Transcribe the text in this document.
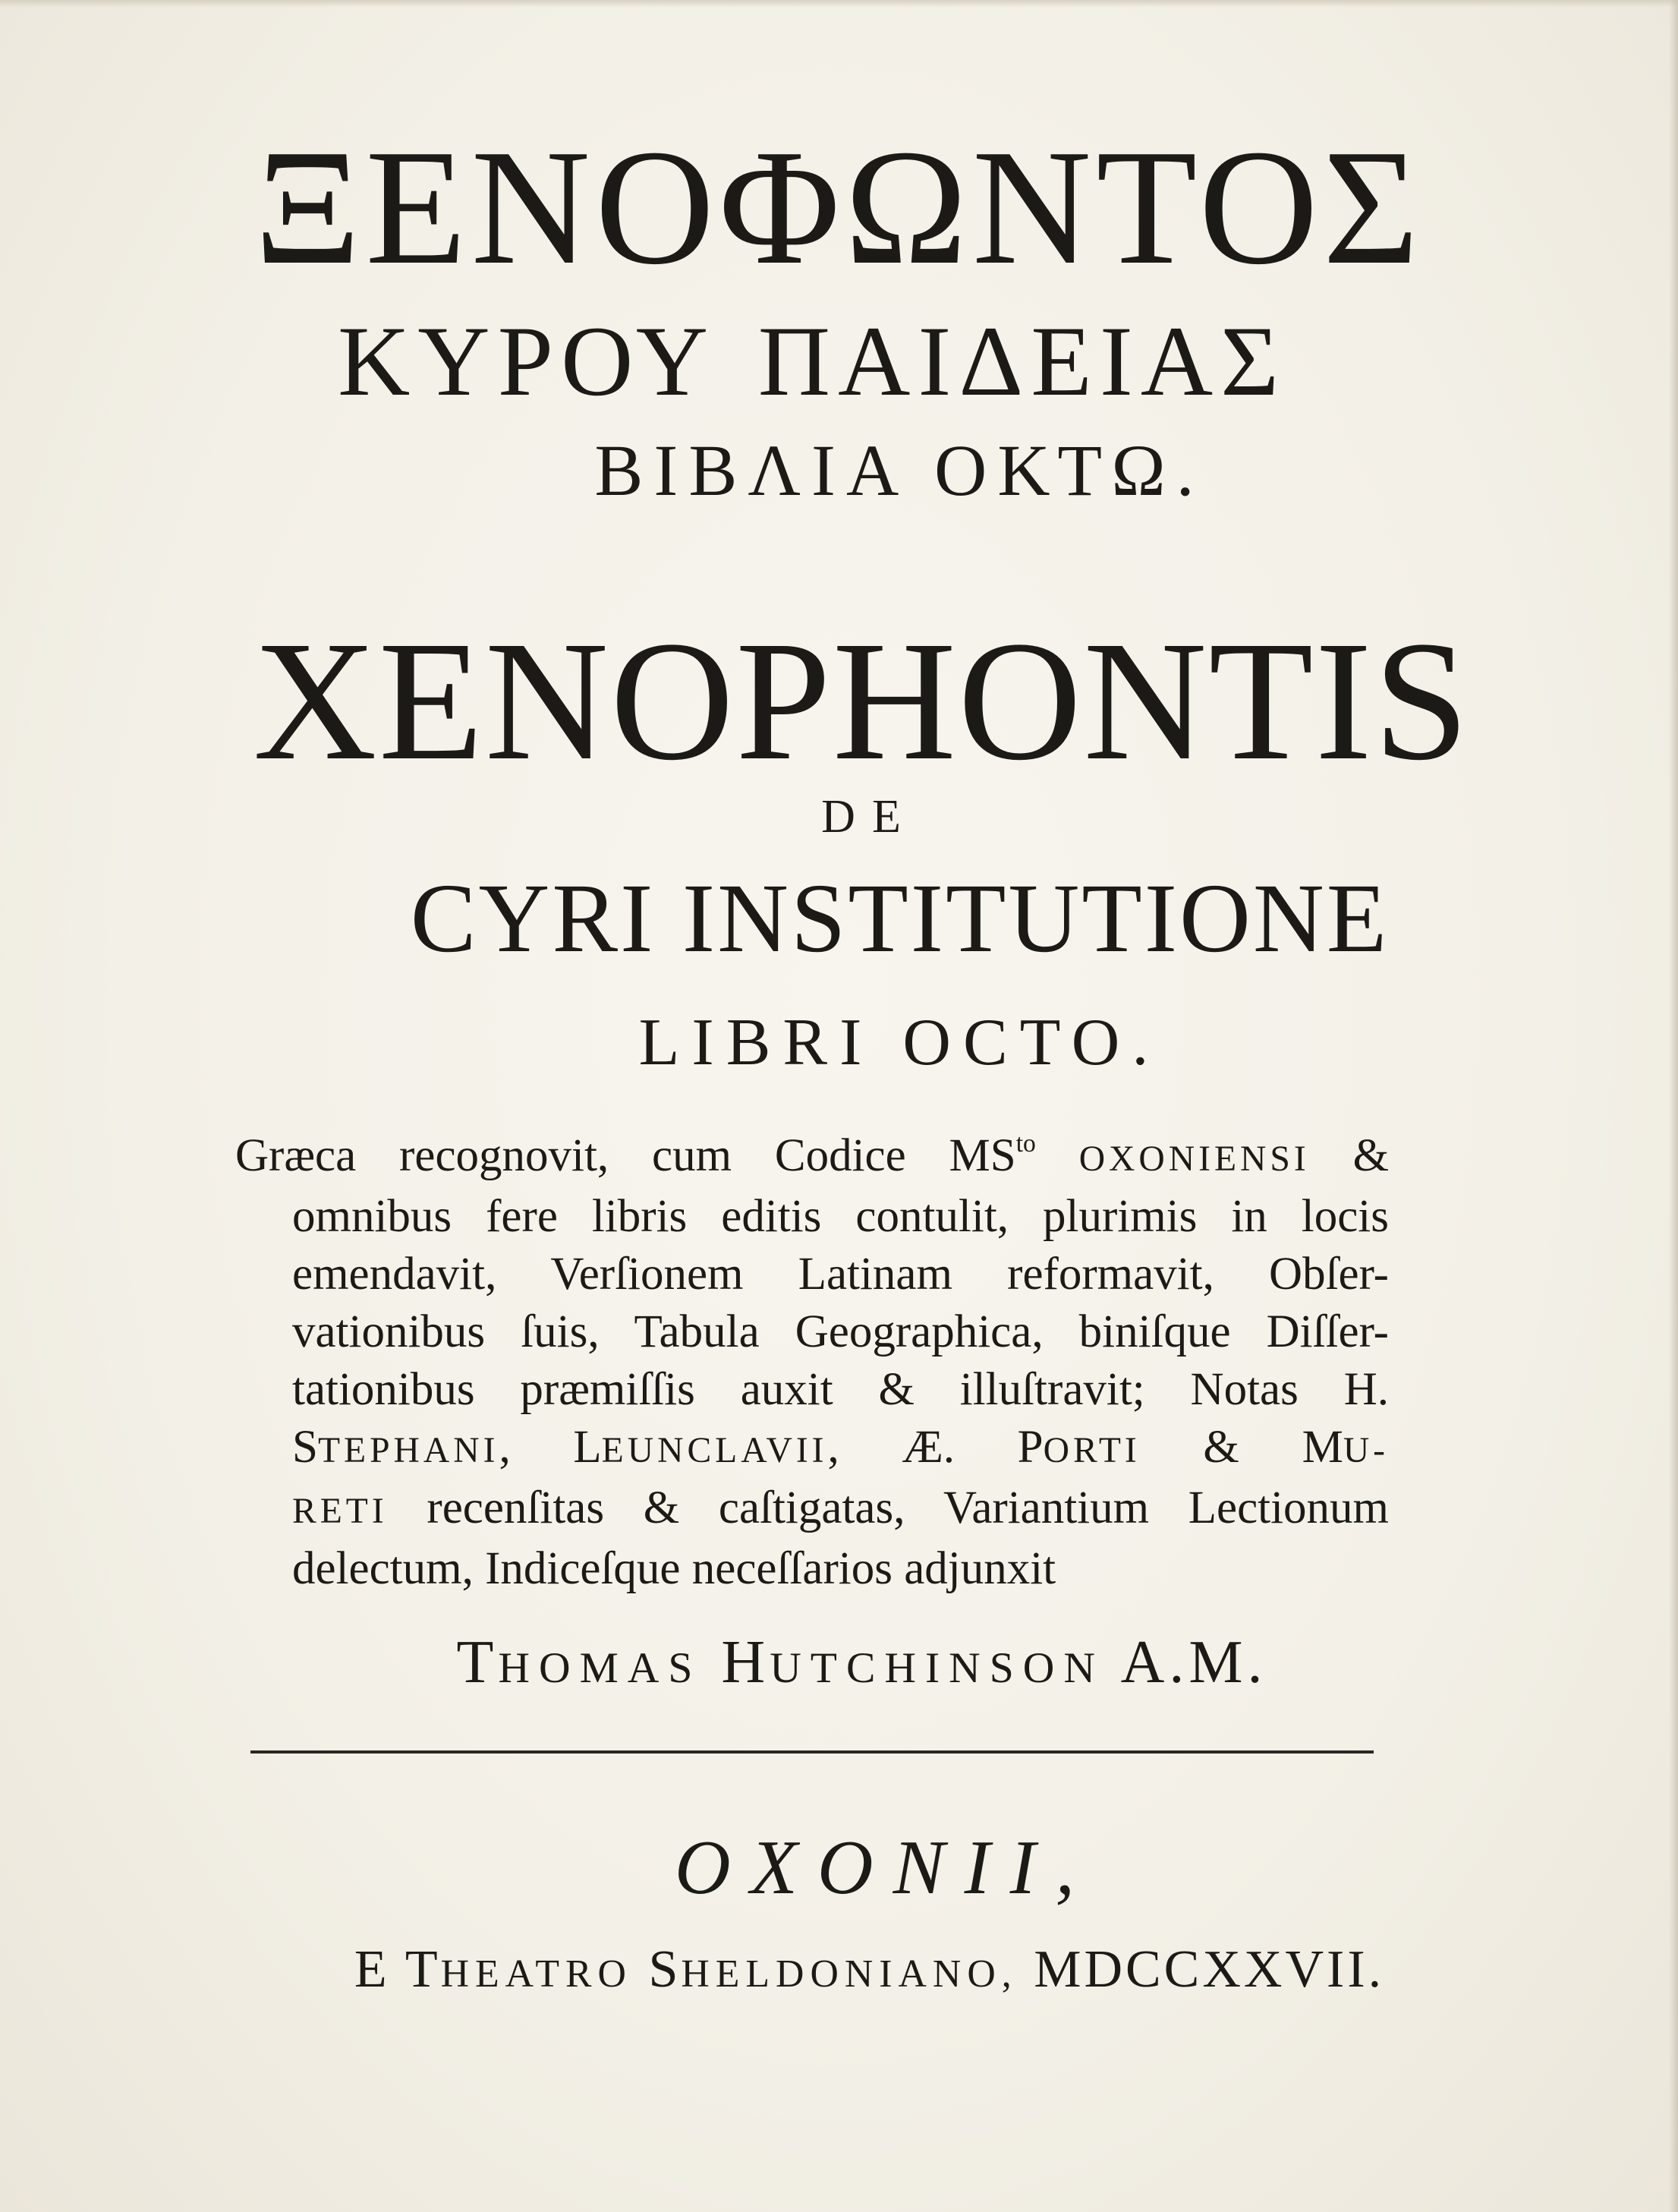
ΞΕΝΟΦΩΝΤΟΣ
ΚΥΡΟΥ ΠΑΙΔΕΙΑΣ
ΒΙΒΛΙΑ ΟΚΤΩ.
XENOPHONTIS
DE
CYRI INSTITUTIONE
LIBRI OCTO.
Græca recognovit, cum Codice $MS^{to}$ OXONIENSI &
omnibus fere libris editis contulit, plurimis in locis
emendavit, Verſionem Latinam reformavit, Obſer-
vationibus ſuis, Tabula Geographica, biniſque Diſſer-
tationibus præmiſſis auxit & illuſtravit; Notas H.
STEPHANI, LEUNCLAVII, Æ. PORTI & MU-
RETI recenſitas & caſtigatas, Variantium Lectionum
delectum, Indiceſque neceſſarios adjunxit
THOMAS HUTCHINSON A.M.
OXONII,
E THEATRO SHELDONIANO, MDCCXXVII.
